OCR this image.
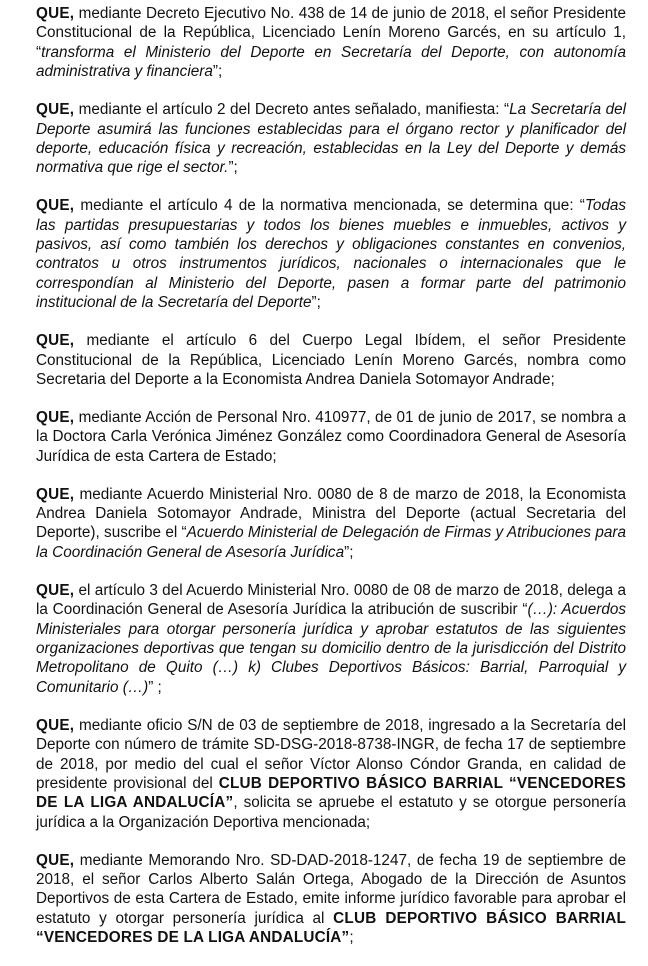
QUE, mediante Decreto Ejecutivo No. 438 de 14 de junio de 2018, el señor Presidente Constitucional de la República, Licenciado Lenín Moreno Garcés, en su artículo 1, “transforma el Ministerio del Deporte en Secretaría del Deporte, con autonomía administrativa y financiera”;

QUE, mediante el artículo 2 del Decreto antes señalado, manifiesta: “La Secretaría del Deporte asumirá las funciones establecidas para el órgano rector y planificador del deporte, educación física y recreación, establecidas en la Ley del Deporte y demás normativa que rige el sector.”;

QUE, mediante el artículo 4 de la normativa mencionada, se determina que: “Todas las partidas presupuestarias y todos los bienes muebles e inmuebles, activos y pasivos, así como también los derechos y obligaciones constantes en convenios, contratos u otros instrumentos jurídicos, nacionales o internacionales que le correspondían al Ministerio del Deporte, pasen a formar parte del patrimonio institucional de la Secretaría del Deporte”;

QUE, mediante el artículo 6 del Cuerpo Legal Ibídem, el señor Presidente Constitucional de la República, Licenciado Lenín Moreno Garcés, nombra como Secretaria del Deporte a la Economista Andrea Daniela Sotomayor Andrade;

QUE, mediante Acción de Personal Nro. 410977, de 01 de junio de 2017, se nombra a la Doctora Carla Verónica Jiménez González como Coordinadora General de Asesoría Jurídica de esta Cartera de Estado;

QUE, mediante Acuerdo Ministerial Nro. 0080 de 8 de marzo de 2018, la Economista Andrea Daniela Sotomayor Andrade, Ministra del Deporte (actual Secretaria del Deporte), suscribe el “Acuerdo Ministerial de Delegación de Firmas y Atribuciones para la Coordinación General de Asesoría Jurídica”;

QUE, el artículo 3 del Acuerdo Ministerial Nro. 0080 de 08 de marzo de 2018, delega a la Coordinación General de Asesoría Jurídica la atribución de suscribir “(…): Acuerdos Ministeriales para otorgar personería jurídica y aprobar estatutos de las siguientes organizaciones deportivas que tengan su domicilio dentro de la jurisdicción del Distrito Metropolitano de Quito (…) k) Clubes Deportivos Básicos: Barrial, Parroquial y Comunitario (…)” ;

QUE, mediante oficio S/N de 03 de septiembre de 2018, ingresado a la Secretaría del Deporte con número de trámite SD-DSG-2018-8738-INGR, de fecha 17 de septiembre de 2018, por medio del cual el señor Víctor Alonso Cóndor Granda, en calidad de presidente provisional del CLUB DEPORTIVO BÁSICO BARRIAL “VENCEDORES DE LA LIGA ANDALUCÍA”, solicita se apruebe el estatuto y se otorgue personería jurídica a la Organización Deportiva mencionada;

QUE, mediante Memorando Nro. SD-DAD-2018-1247, de fecha 19 de septiembre de 2018, el señor Carlos Alberto Salán Ortega, Abogado de la Dirección de Asuntos Deportivos de esta Cartera de Estado, emite informe jurídico favorable para aprobar el estatuto y otorgar personería jurídica al CLUB DEPORTIVO BÁSICO BARRIAL “VENCEDORES DE LA LIGA ANDALUCÍA”;
